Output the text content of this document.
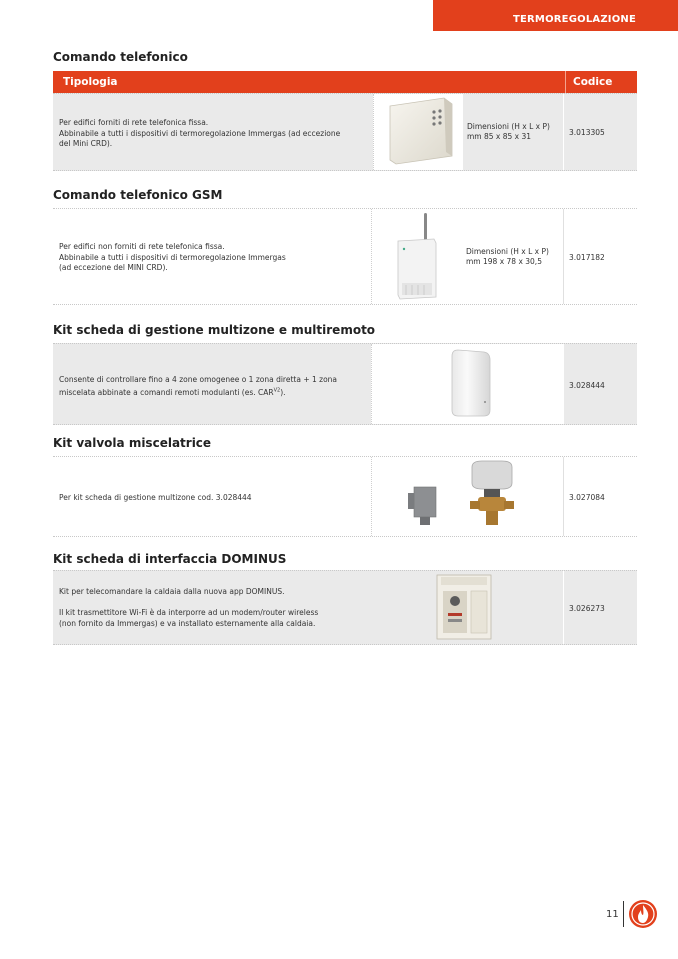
TERMOREGOLAZIONE
Comando telefonico
Tipologia	Codice
Per edifici forniti di rete telefonica fissa.
Abbinabile a tutti i dispositivi di termoregolazione Immergas (ad eccezione
del Mini CRD).
Dimensioni (H x L x P)
mm 85 x 85 x 31	3.013305
Comando telefonico GSM
Per edifici non forniti di rete telefonica fissa.
Abbinabile a tutti i dispositivi di termoregolazione Immergas
(ad eccezione del MINI CRD).
Dimensioni (H x L x P)
mm 198 x 78 x 30,5	3.017182
Kit scheda di gestione multizone e multiremoto
Consente di controllare fino a 4 zone omogenee o 1 zona diretta + 1 zona
miscelata abbinate a comandi remoti modulanti (es. $CAR^{V2}$).
3.028444
Kit valvola miscelatrice
Per kit scheda di gestione multizone cod. 3.028444	3.027084
Kit scheda di interfaccia DOMINUS
Kit per telecomandare la caldaia dalla nuova app DOMINUS.

Il kit trasmettitore Wi-Fi è da interporre ad un modem/router wireless
(non fornito da Immergas) e va installato esternamente alla caldaia.
3.026273
11
